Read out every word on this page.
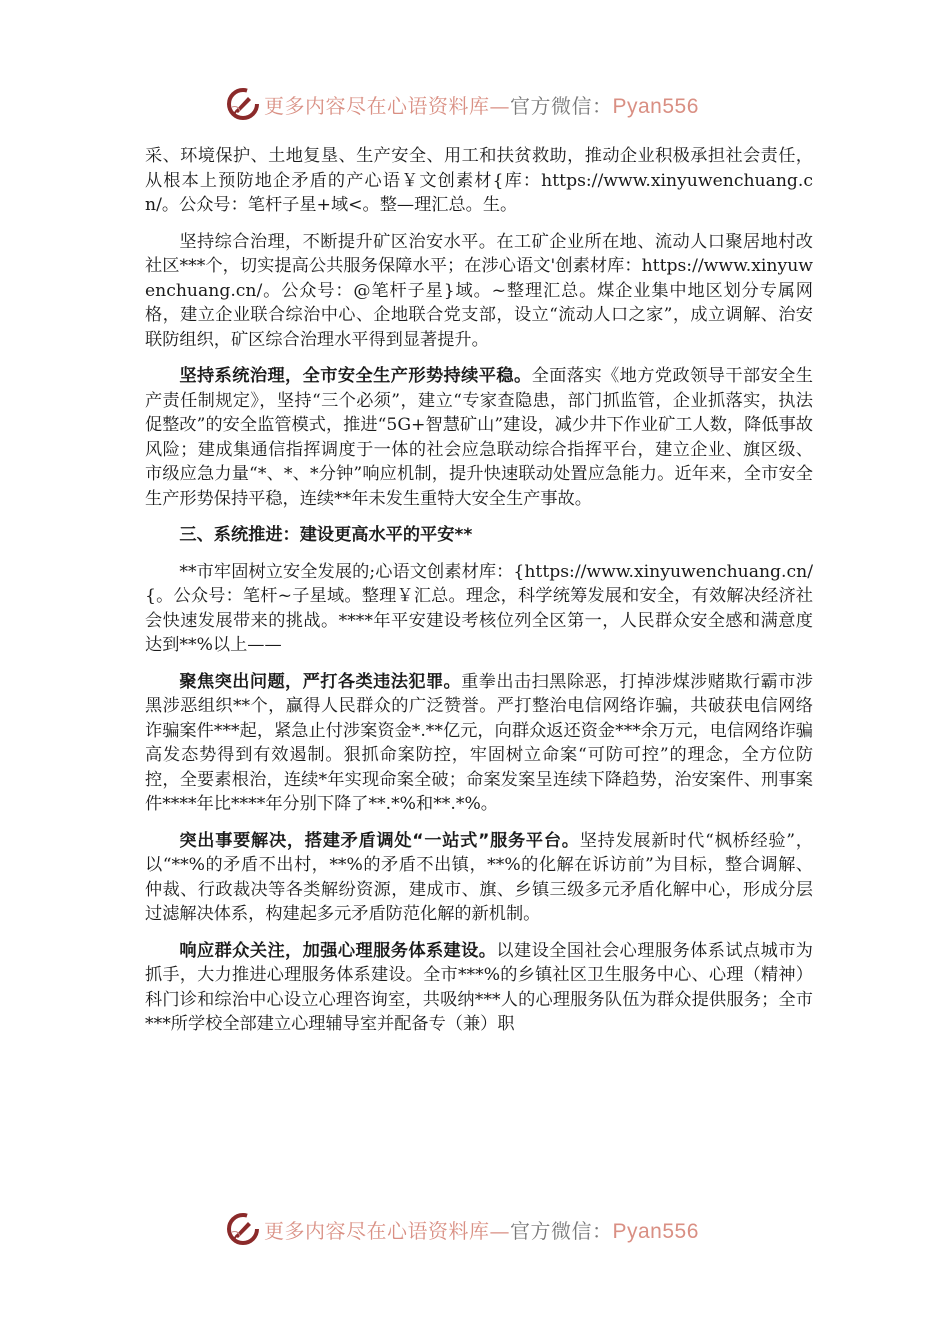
更多内容尽在心语资料库—官方微信：Pyan556

采、环境保护、土地复垦、生产安全、用工和扶贫救助，推动企业积极承担社会责任，从根本上预防地企矛盾的产心语￥文创素材{库：https://www.xinyuwenchuang.cn/。公众号：笔杆子星+域<。整—理汇总。生。

坚持综合治理，不断提升矿区治安水平。在工矿企业所在地、流动人口聚居地村改社区***个，切实提高公共服务保障水平；在涉心语文'创素材库：https://www.xinyuwenchuang.cn/。公众号：@笔杆子星}域。~整理汇总。煤企业集中地区划分专属网格，建立企业联合综治中心、企地联合党支部，设立“流动人口之家”，成立调解、治安联防组织，矿区综合治理水平得到显著提升。

坚持系统治理，全市安全生产形势持续平稳。全面落实《地方党政领导干部安全生产责任制规定》，坚持“三个必须”，建立“专家查隐患，部门抓监管，企业抓落实，执法促整改”的安全监管模式，推进“5G+智慧矿山”建设，减少井下作业矿工人数，降低事故风险；建成集通信指挥调度于一体的社会应急联动综合指挥平台，建立企业、旗区级、市级应急力量“*、*、*分钟”响应机制，提升快速联动处置应急能力。近年来，全市安全生产形势保持平稳，连续**年未发生重特大安全生产事故。

三、系统推进：建设更高水平的平安**

**市牢固树立安全发展的;心语文创素材库：{https://www.xinyuwenchuang.cn/{。公众号：笔杆~子星域。整理￥汇总。理念，科学统筹发展和安全，有效解决经济社会快速发展带来的挑战。****年平安建设考核位列全区第一，人民群众安全感和满意度达到**%以上——

聚焦突出问题，严打各类违法犯罪。重拳出击扫黑除恶，打掉涉煤涉赌欺行霸市涉黑涉恶组织**个，赢得人民群众的广泛赞誉。严打整治电信网络诈骗，共破获电信网络诈骗案件***起，紧急止付涉案资金*.**亿元，向群众返还资金***余万元，电信网络诈骗高发态势得到有效遏制。狠抓命案防控，牢固树立命案“可防可控”的理念，全方位防控，全要素根治，连续*年实现命案全破；命案发案呈连续下降趋势，治安案件、刑事案件****年比****年分别下降了**.*%和**.*%。

突出事要解决，搭建矛盾调处“一站式”服务平台。坚持发展新时代“枫桥经验”，以“**%的矛盾不出村，**%的矛盾不出镇，**%的化解在诉访前”为目标，整合调解、仲裁、行政裁决等各类解纷资源，建成市、旗、乡镇三级多元矛盾化解中心，形成分层过滤解决体系，构建起多元矛盾防范化解的新机制。

响应群众关注，加强心理服务体系建设。以建设全国社会心理服务体系试点城市为抓手，大力推进心理服务体系建设。全市***%的乡镇社区卫生服务中心、心理（精神）科门诊和综治中心设立心理咨询室，共吸纳***人的心理服务队伍为群众提供服务；全市***所学校全部建立心理辅导室并配备专（兼）职

更多内容尽在心语资料库—官方微信：Pyan556
